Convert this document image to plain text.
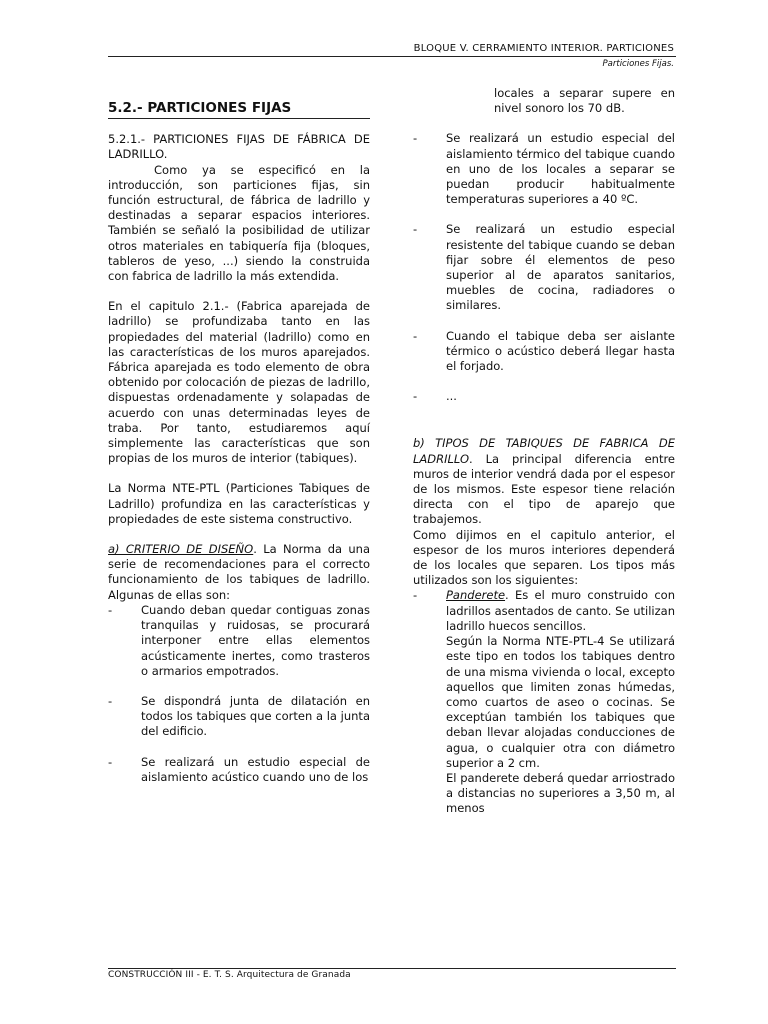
BLOQUE V. CERRAMIENTO INTERIOR. PARTICIONES
Particiones Fijas.
5.2.- PARTICIONES FIJAS

5.2.1.- PARTICIONES FIJAS DE FÁBRICA DE LADRILLO.

Como ya se especificó en la introducción, son particiones fijas, sin función estructural, de fábrica de ladrillo y destinadas a separar espacios interiores. También se señaló la posibilidad de utilizar otros materiales en tabiquería fija (bloques, tableros de yeso, ...) siendo la construida con fabrica de ladrillo la más extendida.

En el capitulo 2.1.- (Fabrica aparejada de ladrillo) se profundizaba tanto en las propiedades del material (ladrillo) como en las características de los muros aparejados. Fábrica aparejada es todo elemento de obra obtenido por colocación de piezas de ladrillo, dispuestas ordenadamente y solapadas de acuerdo con unas determinadas leyes de traba. Por tanto, estudiaremos aquí simplemente las características que son propias de los muros de interior (tabiques).

La Norma NTE-PTL (Particiones Tabiques de Ladrillo) profundiza en las características y propiedades de este sistema constructivo.

a) CRITERIO DE DISEÑO. La Norma da una serie de recomendaciones para el correcto funcionamiento de los tabiques de ladrillo. Algunas de ellas son:

-	Cuando deban quedar contiguas zonas tranquilas y ruidosas, se procurará interponer entre ellas elementos acústicamente inertes, como trasteros o armarios empotrados.
-	Se dispondrá junta de dilatación en todos los tabiques que corten a la junta del edificio.
-	Se realizará un estudio especial de aislamiento acústico cuando uno de los

locales a separar supere en nivel sonoro los 70 dB.

-	Se realizará un estudio especial del aislamiento térmico del tabique cuando en uno de los locales a separar se puedan producir habitualmente temperaturas superiores a 40 ºC.
-	Se realizará un estudio especial resistente del tabique cuando se deban fijar sobre él elementos de peso superior al de aparatos sanitarios, muebles de cocina, radiadores o similares.
-	Cuando el tabique deba ser aislante térmico o acústico deberá llegar hasta el forjado.
-	...

b) TIPOS DE TABIQUES DE FABRICA DE LADRILLO. La principal diferencia entre muros de interior vendrá dada por el espesor de los mismos. Este espesor tiene relación directa con el tipo de aparejo que trabajemos.

Como dijimos en el capitulo anterior, el espesor de los muros interiores dependerá de los locales que separen. Los tipos más utilizados son los siguientes:

-	Panderete. Es el muro construido con ladrillos asentados de canto. Se utilizan ladrillo huecos sencillos.

Según la Norma NTE-PTL-4 Se utilizará este tipo en todos los tabiques dentro de una misma vivienda o local, excepto aquellos que limiten zonas húmedas, como cuartos de aseo o cocinas. Se exceptúan también los tabiques que deban llevar alojadas conducciones de agua, o cualquier otra con diámetro superior a 2 cm.

El panderete deberá quedar arriostrado a distancias no superiores a 3,50 m, al menos

CONSTRUCCIÓN III - E. T. S. Arquitectura de Granada
